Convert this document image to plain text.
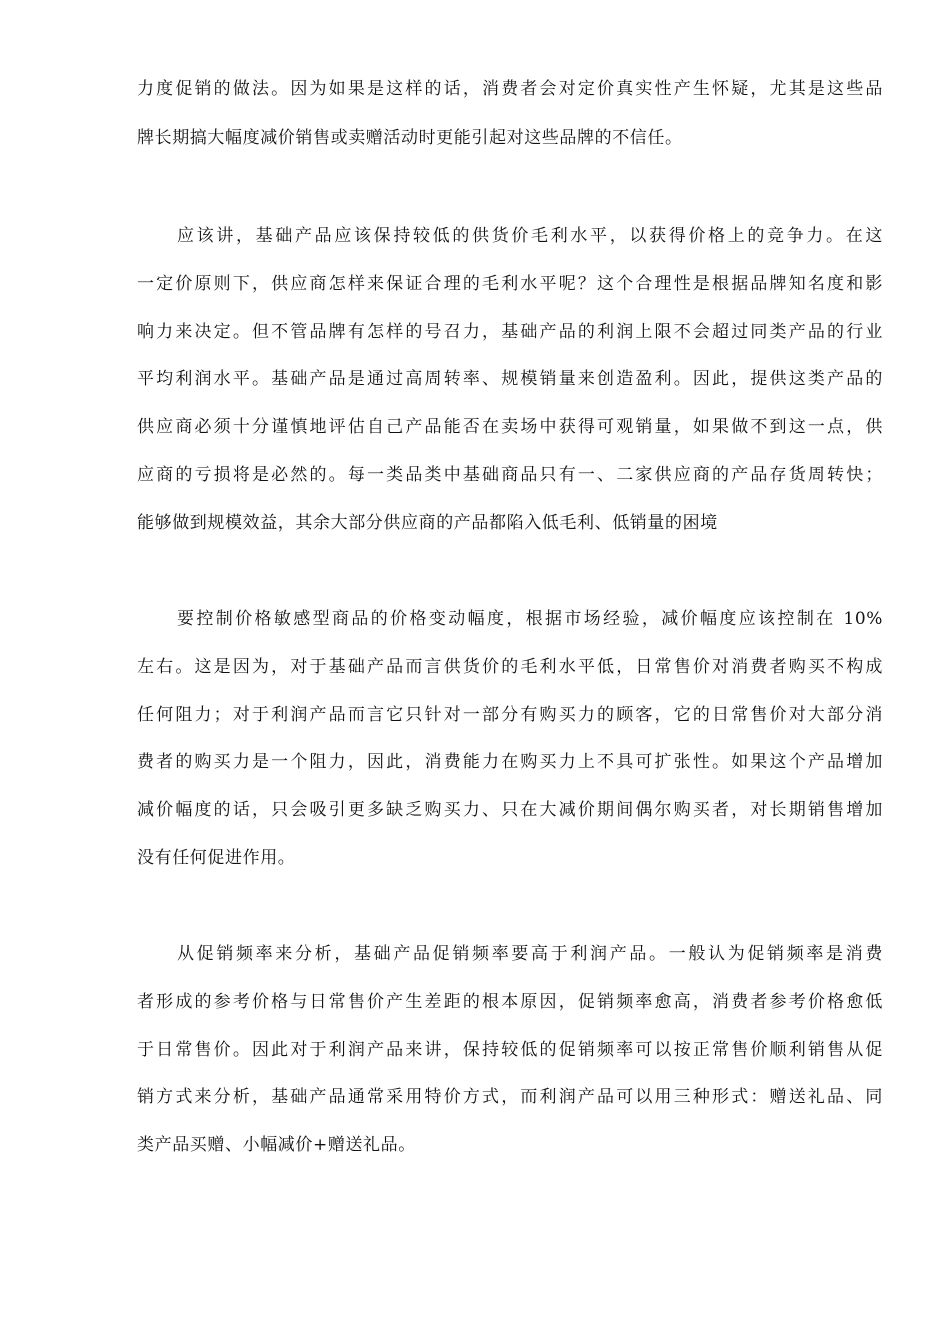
力度促销的做法。因为如果是这样的话，消费者会对定价真实性产生怀疑，尤其是这些品
牌长期搞大幅度减价销售或卖赠活动时更能引起对这些品牌的不信任。
应该讲，基础产品应该保持较低的供货价毛利水平，以获得价格上的竞争力。在这
一定价原则下，供应商怎样来保证合理的毛利水平呢？这个合理性是根据品牌知名度和影
响力来决定。但不管品牌有怎样的号召力，基础产品的利润上限不会超过同类产品的行业
平均利润水平。基础产品是通过高周转率、规模销量来创造盈利。因此，提供这类产品的
供应商必须十分谨慎地评估自己产品能否在卖场中获得可观销量，如果做不到这一点，供
应商的亏损将是必然的。每一类品类中基础商品只有一、二家供应商的产品存货周转快；
能够做到规模效益，其余大部分供应商的产品都陷入低毛利、低销量的困境
要控制价格敏感型商品的价格变动幅度，根据市场经验，减价幅度应该控制在 10%
左右。这是因为，对于基础产品而言供货价的毛利水平低，日常售价对消费者购买不构成
任何阻力；对于利润产品而言它只针对一部分有购买力的顾客，它的日常售价对大部分消
费者的购买力是一个阻力，因此，消费能力在购买力上不具可扩张性。如果这个产品增加
减价幅度的话，只会吸引更多缺乏购买力、只在大减价期间偶尔购买者，对长期销售增加
没有任何促进作用。
从促销频率来分析，基础产品促销频率要高于利润产品。一般认为促销频率是消费
者形成的参考价格与日常售价产生差距的根本原因，促销频率愈高，消费者参考价格愈低
于日常售价。因此对于利润产品来讲，保持较低的促销频率可以按正常售价顺利销售从促
销方式来分析，基础产品通常采用特价方式，而利润产品可以用三种形式：赠送礼品、同
类产品买赠、小幅减价+赠送礼品。
